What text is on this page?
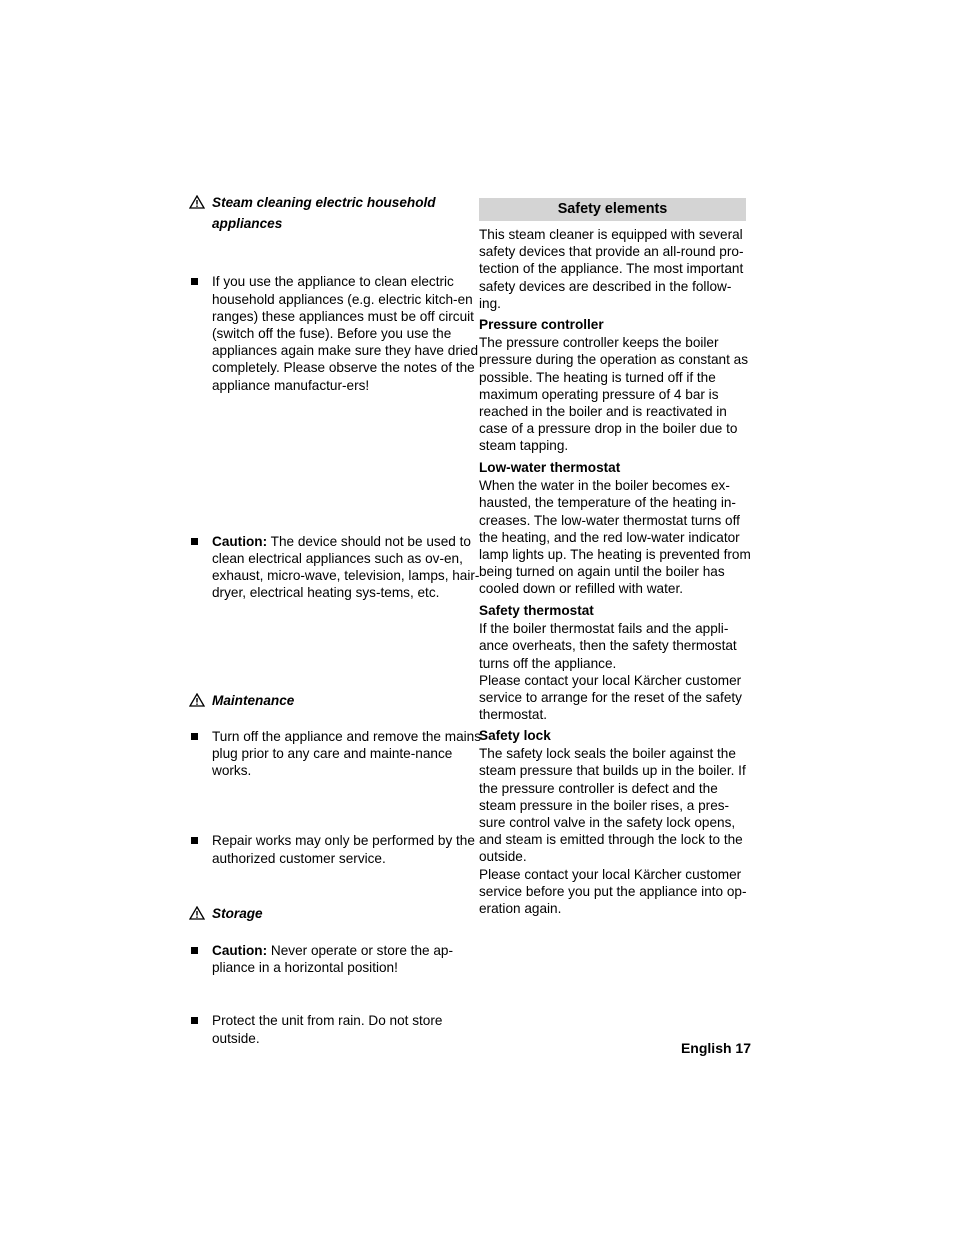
Steam cleaning electric household
appliances
If you use the appliance to clean electric household appliances (e.g. electric kitch-en ranges) these appliances must be off circuit (switch off the fuse). Before you use the appliances again make sure they have dried completely. Please observe the notes of the appliance manufactur-ers!
Caution: The device should not be used to clean electrical appliances such as ov-en, exhaust, micro-wave, television, lamps, hair-dryer, electrical heating sys-tems, etc.
Maintenance
Turn off the appliance and remove the mains plug prior to any care and mainte-nance works.
Repair works may only be performed by the authorized customer service.
Storage
Caution: Never operate or store the ap-pliance in a horizontal position!
Protect the unit from rain. Do not store outside.
Safety elements
This steam cleaner is equipped with several safety devices that provide an all-round pro-tection of the appliance. The most important safety devices are described in the follow-ing.
Pressure controller
The pressure controller keeps the boiler pressure during the operation as constant as possible. The heating is turned off if the maximum operating pressure of 4 bar is reached in the boiler and is reactivated in case of a pressure drop in the boiler due to steam tapping.
Low-water thermostat
When the water in the boiler becomes ex-hausted, the temperature of the heating in-creases. The low-water thermostat turns off the heating, and the red low-water indicator lamp lights up. The heating is prevented from being turned on again until the boiler has cooled down or refilled with water.
Safety thermostat
If the boiler thermostat fails and the appli-ance overheats, then the safety thermostat turns off the appliance.
Please contact your local Kärcher customer service to arrange for the reset of the safety thermostat.
Safety lock
The safety lock seals the boiler against the steam pressure that builds up in the boiler. If the pressure controller is defect and the steam pressure in the boiler rises, a pres-sure control valve in the safety lock opens, and steam is emitted through the lock to the outside.
Please contact your local Kärcher customer service before you put the appliance into op-eration again.
English 17
